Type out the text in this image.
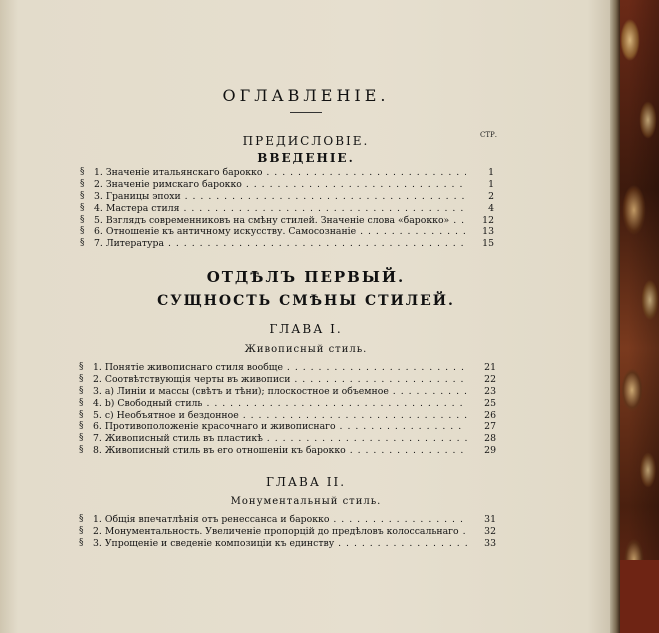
ОГЛАВЛЕНIЕ.
СТР.
ПРЕДИСЛОВIЕ.
ВВЕДЕНIЕ.
§ 1. Значенiе итальянскаго барокко . . .	1
§ 2. Значенiе римскаго барокко . . .	1
§ 3. Границы эпохи . . .	2
§ 4. Мастера стиля . . .	4
§ 5. Взглядъ современниковъ на смѣну стилей. Значенiе слова «барокко» . . .	12
§ 6. Отношенiе къ античному искусству. Самосознанiе . . .	13
§ 7. Литература . . .	15
ОТДѢЛЪ ПЕРВЫЙ.
СУЩНОСТЬ СМѢНЫ СТИЛЕЙ.
ГЛАВА I.
Живописный стиль.
§ 1. Понятiе живописнаго стиля вообще . . .	21
§ 2. Соотвѣтствующiя черты въ живописи . . .	22
§ 3. a) Линiи и массы (свѣтъ и тѣни); плоскостное и объемное . . .	23
§ 4. b) Свободный стиль . . .	25
§ 5. c) Необъятное и бездонное . . .	26
§ 6. Противоположенiе красочнаго и живописнаго . . .	27
§ 7. Живописный стиль въ пластикѣ . . .	28
§ 8. Живописный стиль въ его отношенiи къ барокко . . .	29
ГЛАВА II.
Монументальный стиль.
§ 1. Общiя впечатлѣнiя отъ ренессанса и барокко . . .	31
§ 2. Монументальность. Увеличенiе пропорцiй до предѣловъ колоссальнаго . . .	32
§ 3. Упрощенiе и сведенiе композицiи къ единству . . .	33
